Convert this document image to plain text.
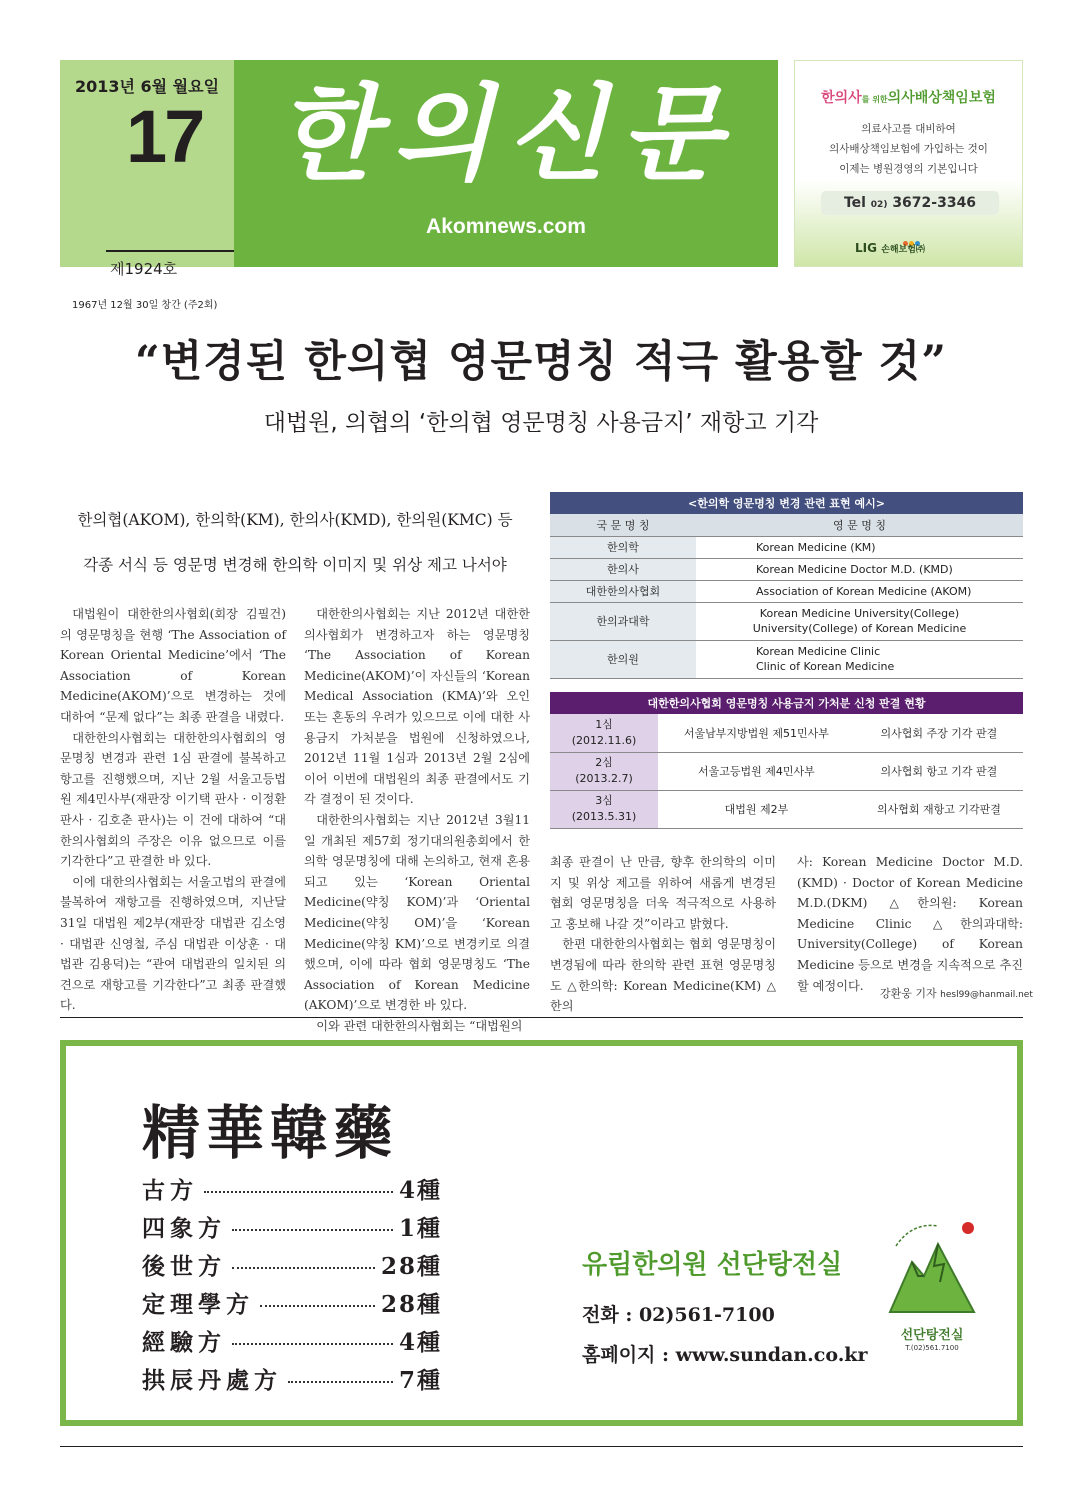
2013년 6월 월요일
17
제1924호
1967년 12월 30일 창간 (주2회)
한의신문
Akomnews.com
한의사를 위한의사배상책임보험
의료사고를 대비하여
의사배상책임보험에 가입하는 것이
이제는 병원경영의 기본입니다
Tel 02) 3672-3346
LIG 손해보험㈜
“변경된 한의협 영문명칭 적극 활용할 것”
대법원, 의협의 ‘한의협 영문명칭 사용금지’ 재항고 기각
한의협(AKOM), 한의학(KM), 한의사(KMD), 한의원(KMC) 등
각종 서식 등 영문명 변경해 한의학 이미지 및 위상 제고 나서야

대법원이 대한한의사협회(회장 김필건)의 영문명칭을 현행 ‘The Association of Korean Oriental Medicine’에서 ‘The Association of Korean Medicine(AKOM)’으로 변경하는 것에 대하여 “문제 없다”는 최종 판결을 내렸다.

대한한의사협회는 대한한의사협회의 영문명칭 변경과 관련 1심 판결에 불복하고 항고를 진행했으며, 지난 2월 서울고등법원 제4민사부(재판장 이기택 판사 · 이정환 판사 · 김호춘 판사)는 이 건에 대하여 “대한의사협회의 주장은 이유 없으므로 이를 기각한다”고 판결한 바 있다.

이에 대한의사협회는 서울고법의 판결에 불복하여 재항고를 진행하였으며, 지난달 31일 대법원 제2부(재판장 대법관 김소영 · 대법관 신영철, 주심 대법관 이상훈 · 대법관 김용덕)는 “관여 대법관의 일치된 의견으로 재항고를 기각한다”고 최종 판결했다.

대한한의사협회는 지난 2012년 대한한의사협회가 변경하고자 하는 영문명칭 ‘The Association of Korean Medicine(AKOM)’이 자신들의 ‘Korean Medical Association (KMA)’와 오인 또는 혼동의 우려가 있으므로 이에 대한 사용금지 가처분을 법원에 신청하였으나, 2012년 11월 1심과 2013년 2월 2심에 이어 이번에 대법원의 최종 판결에서도 기각 결정이 된 것이다.

대한한의사협회는 지난 2012년 3월11일 개최된 제57회 정기대의원총회에서 한의학 영문명칭에 대해 논의하고, 현재 혼용되고 있는 ‘Korean Oriental Medicine(약칭 KOM)’과 ‘Oriental Medicine(약칭 OM)’을 ‘Korean Medicine(약칭 KM)’으로 변경키로 의결했으며, 이에 따라 협회 영문명칭도 ‘The Association of Korean Medicine (AKOM)’으로 변경한 바 있다.

이와 관련 대한한의사협회는 “대법원의

최종 판결이 난 만큼, 향후 한의학의 이미지 및 위상 제고를 위하여 새롭게 변경된 협회 영문명칭을 더욱 적극적으로 사용하고 홍보해 나갈 것”이라고 밝혔다.

한편 대한한의사협회는 협회 영문명칭이 변경됨에 따라 한의학 관련 표현 영문명칭도 △한의학: Korean Medicine(KM) △한의

사: Korean Medicine Doctor M.D.(KMD) · Doctor of Korean Medicine M.D.(DKM) △한의원: Korean Medicine Clinic △한의과대학: University(College) of Korean Medicine 등으로 변경을 지속적으로 추진할 예정이다.

강환웅 기자 hesl99@hanmail.net
<한의학 영문명칭 변경 관련 표현 예시>	
국 문 명 칭	영 문 명 칭
한의학	Korean Medicine (KM)

한의사	Korean Medicine Doctor M.D. (KMD)

대한한의사협회	Association of Korean Medicine (AKOM)

한의과대학	Korean Medicine University(College)
University(College) of Korean Medicine

한의원	Korean Medicine Clinic
Clinic of Korean Medicine
대한한의사협회 영문명칭 사용금지 가처분 신청 판결 현황		

1심
(2012.11.6)	서울남부지방법원 제51민사부	의사협회 주장 기각 판결

2심
(2013.2.7)	서울고등법원 제4민사부	의사협회 항고 기각 판결

3심
(2013.5.31)	대법원 제2부	의사협회 재항고 기각판결
精華韓藥
古方	4種
四象方	1種
後世方	28種
定理學方	28種
經驗方	4種
拱辰丹處方	7種
유림한의원 선단탕전실
전화 : 02)561-7100
홈페이지 : www.sundan.co.kr
선단탕전실
T.(02)561.7100
